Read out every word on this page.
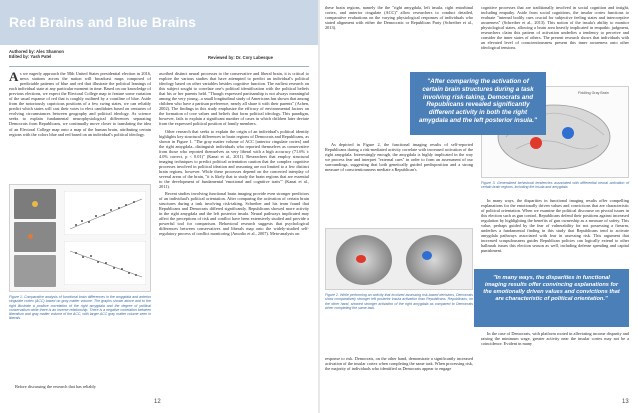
Red Brains and Blue Brains
Authored by: Alec Shannon
Edited by: Yash Patel	Reviewed by: Dr. Cory Labesque

As we eagerly approach the 58th United States presidential election in 2016, news stations across the nation will broadcast maps composed of predictable patterns of blue and red that illustrate the political leanings of each individual state at any particular moment in time. Based on our knowledge of previous elections, we expect the Electoral College map to feature some variation of the usual expanse of red that is roughly outlined by a coastline of blue. Aside from the notoriously capricious positions of a few swing states, we can reliably predict which states will cast their votes to elect candidates based on centuries of evolving circumstances between geography and political ideology. As science seeks to explain fundamental neurophysiological differences separating Democrats from Republicans, we continually move closer to translating the idea of an Electoral College map onto a map of the human brain, attributing certain regions with the colors blue and red based on an individual's political ideology.

Figure 1. Comparative analysis of functional brain differences in the amygdala and anterior cingulate cortex (ACC) based on gray matter volume. The graphs shown above and to the right illustrate a positive correlation of the right amygdala and the degree of political conservatism while there is an inverse relationship. There is a negative correlation between liberalism and gray matter volume of the ACC, with larger ACC gray matter volume seen in liberals.

Before discussing the research that has reliably

ascribed distinct neural processes to the conservative and liberal brain, it is critical to explore the various studies that have attempted to predict an individual's political ideology based on other variables besides cognitive function. The earliest research on this subject sought to correlate one's political identification with the political beliefs that his or her parents held. "Though expressed partisanship is not always meaningful among the very young...a small longitudinal study of Americans has shown that among children who have a partisan preference, nearly all share it with their parents" (Achen, 2002). The findings in this study emphasize the efficacy of environmental factors on the formation of core values and beliefs that form political ideology. This paradigm, however, fails to explain a significant number of cases in which children later deviate from the expressed political position of family members.

Other research that seeks to explain the origin of an individual's political identity highlights key structural differences in brain regions of Democrats and Republicans, as shown in Figure 1. "The gray matter volume of ACC [anterior cingulate cortex] and the right amygdala...distinguish individuals who reported themselves as conservative from those who reported themselves as very liberal with a high accuracy (71.6% ± 4.0% correct, p < 0.01)" (Kanai et al., 2011). Researchers that employ structural imaging techniques to predict political orientation caution that the complex cognitive processes involved in political ideation and reasoning are not limited to a few distinct brain regions, however. While these processes depend on the concerted interplay of several areas of the brain, "it is likely that to study the brain regions that are essential to the development of fundamental 'emotional and cognitive traits'" (Kanai et al., 2011).

Recent studies involving functional brain imaging provide even stronger predictors of an individual's political orientation. After comparing the activation of certain brain structures during a task involving risk-taking, Schreiber and his team found that Republicans and Democrats differed significantly. Republicans showed more activity in the right amygdala and the left posterior insula. Neural pathways implicated may affect the perceptions of risk and conflict have been extensively studied and provide a powerful tool for comparison. Behavioral research suggests that psychological differences between conservatives and liberals map onto the widely-studied self-regulatory process of conflict monitoring (Amodio et al., 2007). Meta-analysis on

12

these brain regions, namely the the "right amygdala, left insula, right entorhinal cortex, and anterior cingulate (ACC)" allow researchers to conduct detailed, comparative evaluations on the varying physiological responses of individuals who stated alignment with either the Democratic or Republican Party (Schreiber et al., 2013).

As depicted in Figure 2, the functional imaging results of self-reported Republicans during a risk-mediated activity correlate with increased activation of the right amygdala. Interestingly enough, the amygdala is highly implicated in the way we process fear and interpret "external cues" in order to form an assessment of our surroundings, suggesting that both genetically guided predisposition and a strong measure of conscientiousness mediate a Republican's

Figure 2. While performing an activity that involved assessing risk-based decisions, Democrats show comparatively stronger left posterior insula activation than Republicans. Republicans, on the other hand, showed stronger activation of the right amygdala as compared to Democrats when completing the same task.

response to risk. Democrats, on the other hand, demonstrate a significantly increased activation of the insular cortex when completing the same task. When processing risk, the majority of individuals who identified as Democrats appear to engage

cognitive processes that are traditionally involved in social cognition and insight, including empathy. Aside from social cognitions, the insular cortex functions to evaluate "internal bodily cues crucial for subjective feeling states and interoceptive awareness" (Schreiber et al., 2013). This notion of the insula's ability to monitor physiological states, allowing a brain area heavily implicated in empathic judgment, researchers claim this pattern of activation underlies a tendency to perceive and consider the inner states of others. The present research shows that individuals with an elevated level of conscientiousness present this inner awareness onto other ideological tensions.

Fiddling Gray Brain
Figure 3. Generalized behavioral tendencies associated with differential neural activation of certain brain regions, including the insula and amygdala.

In many ways, the disparities in functional imaging results offer compelling explanations for the emotionally driven values and convictions that are characteristic of political orientation. When we examine the political discourse on pivotal issues in this election such as gun control, Republicans defend their positions against increased regulation by highlighting the benefits of gun ownership as a measure of safety. This value, perhaps guided by the fear of vulnerability for not possessing a firearm, underlies a fundamental finding in this study that Republicans tend to activate amygdala pathways associated with fear in assessing risk. This argument that increased scrupulousness guides Republican policies can logically extend to other hallmark issues this election season as well, including defense spending and capital punishment.

In the case of Democrats, with platform rooted in alleviating income disparity and raising the minimum wage, greater activity near the insular cortex may not be a coincidence. Evident in many

13
"After comparing the activation of certain brain structures during a task involving risk-taking, Democrats and Republicans revealed significantly different activity in both the right amygdala and the left posterior insula."
"In many ways, the disparities in functional imaging results offer convincing explanations for the emotionally driven values and convictions that are characteristic of political orientation."
